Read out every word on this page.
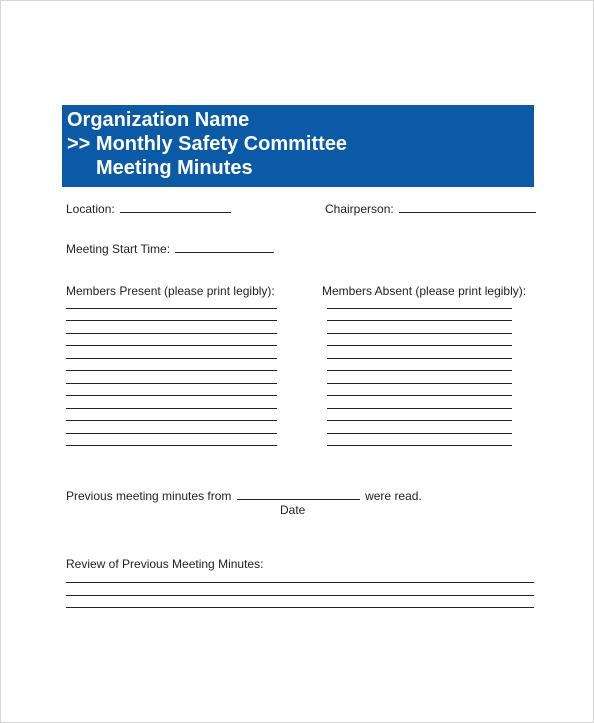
Organization Name
>> Monthly Safety Committee
Meeting Minutes
Location:	Chairperson:
Meeting Start Time:
Members Present (please print legibly):	Members Absent (please print legibly):
Previous meeting minutes from	were read.
Date
Review of Previous Meeting Minutes:
